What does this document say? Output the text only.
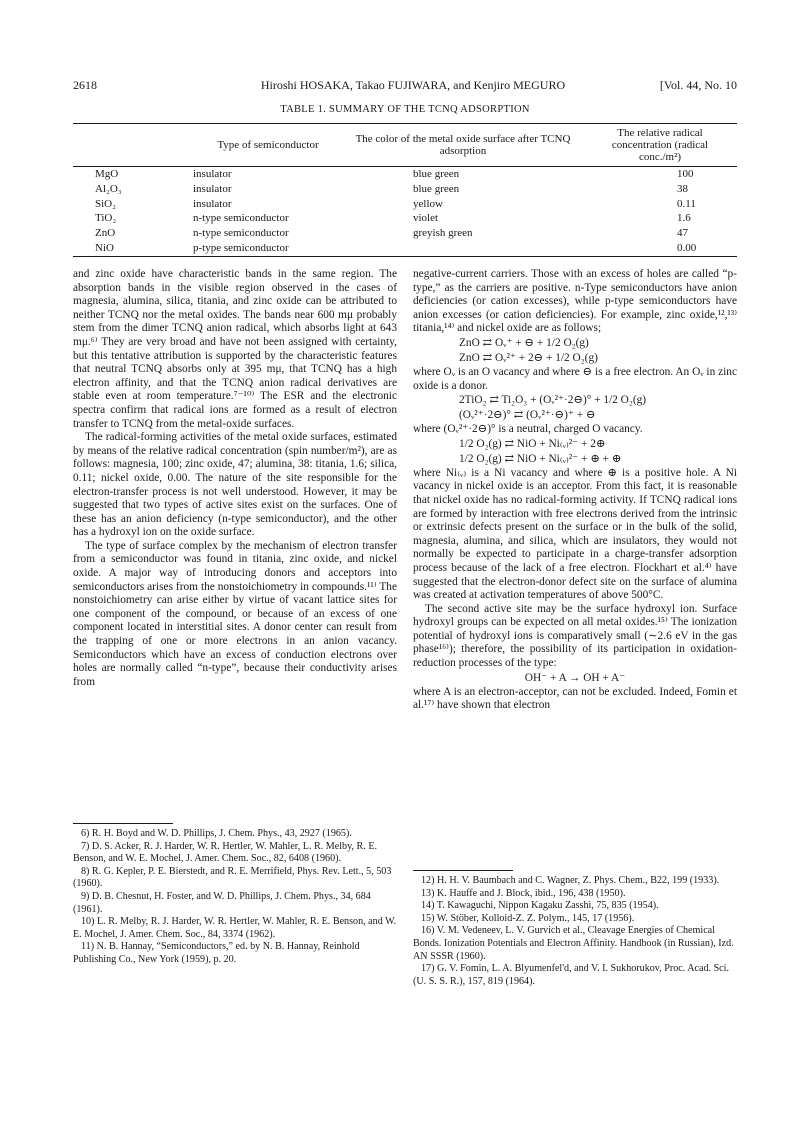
2618	Hiroshi HOSAKA, Takao FUJIWARA, and Kenjiro MEGURO	[Vol. 44, No. 10
TABLE 1. SUMMARY OF THE TCNQ ADSORPTION
	Type of semiconductor	The color of the metal oxide surface after TCNQ adsorption	The relative radical concentration (radical conc./m²)
MgO	insulator	blue green	100
Al₂O₃	insulator	blue green	38
SiO₂	insulator	yellow	0.11
TiO₂	n-type semiconductor	violet	1.6
ZnO	n-type semiconductor	greyish green	47
NiO	p-type semiconductor		0.00

and zinc oxide have characteristic bands in the same region. The absorption bands in the visible region observed in the cases of magnesia, alumina, silica, titania, and zinc oxide can be attributed to neither TCNQ nor the metal oxides. The bands near 600 mμ probably stem from the dimer TCNQ anion radical, which absorbs light at 643 mμ.⁶⁾ They are very broad and have not been assigned with certainty, but this tentative attribution is supported by the characteristic features that neutral TCNQ absorbs only at 395 mμ, that TCNQ has a high electron affinity, and that the TCNQ anion radical derivatives are stable even at room temperature.⁷⁻¹⁰⁾ The ESR and the electronic spectra confirm that radical ions are formed as a result of electron transfer to TCNQ from the metal-oxide surfaces.

The radical-forming activities of the metal oxide surfaces, estimated by means of the relative radical concentration (spin number/m²), are as follows: magnesia, 100; zinc oxide, 47; alumina, 38: titania, 1.6; silica, 0.11; nickel oxide, 0.00. The nature of the site responsible for the electron-transfer process is not well understood. However, it may be suggested that two types of active sites exist on the surfaces. One of these has an anion deficiency (n-type semiconductor), and the other has a hydroxyl ion on the oxide surface.

The type of surface complex by the mechanism of electron transfer from a semiconductor was found in titania, zinc oxide, and nickel oxide. A major way of introducing donors and acceptors into semiconductors arises from the nonstoichiometry in compounds.¹¹⁾ The nonstoichiometry can arise either by virtue of vacant lattice sites for one component of the compound, or because of an excess of one component located in interstitial sites. A donor center can result from the trapping of one or more electrons in an anion vacancy. Semiconductors which have an excess of conduction electrons over holes are normally called “n-type”, because their conductivity arises from

negative-current carriers. Those with an excess of holes are called “p-type,” as the carriers are positive. n-Type semiconductors have anion deficiencies (or cation excesses), while p-type semiconductors have anion excesses (or cation deficiencies). For example, zinc oxide,¹²,¹³⁾ titania,¹⁴⁾ and nickel oxide are as follows;

ZnO ⇄ Oᵥ⁺ + ⊖ + 1/2 O₂(g)
ZnO ⇄ Oᵥ²⁺ + 2⊖ + 1/2 O₂(g)

where Oᵥ is an O vacancy and where ⊖ is a free electron. An Oᵥ in zinc oxide is a donor.

2TiO₂ ⇄ Ti₂O₃ + (Oᵥ²⁺·2⊖)° + 1/2 O₂(g)
(Oᵥ²⁺·2⊖)° ⇄ (Oᵥ²⁺·⊖)⁺ + ⊖

where (Oᵥ²⁺·2⊖)° is a neutral, charged O vacancy.

1/2 O₂(g) ⇄ NiO + Ni₍ᵥ₎²⁻ + 2⊕
1/2 O₂(g) ⇄ NiO + Ni₍ᵥ₎²⁻ + ⊕ + ⊕

where Ni₍ᵥ₎ is a Ni vacancy and where ⊕ is a positive hole. A Ni vacancy in nickel oxide is an acceptor. From this fact, it is reasonable that nickel oxide has no radical-forming activity. If TCNQ radical ions are formed by interaction with free electrons derived from the intrinsic or extrinsic defects present on the surface or in the bulk of the solid, magnesia, alumina, and silica, which are insulators, they would not normally be expected to participate in a charge-transfer adsorption process because of the lack of a free electron. Flockhart et al.⁴⁾ have suggested that the electron-donor defect site on the surface of alumina was created at activation temperatures of above 500°C.

The second active site may be the surface hydroxyl ion. Surface hydroxyl groups can be expected on all metal oxides.¹⁵⁾ The ionization potential of hydroxyl ions is comparatively small (∼2.6 eV in the gas phase¹⁶⁾); therefore, the possibility of its participation in oxidation-reduction processes of the type:

OH⁻ + A → OH + A⁻

where A is an electron-acceptor, can not be excluded. Indeed, Fomin et al.¹⁷⁾ have shown that electron

6) R. H. Boyd and W. D. Phillips, J. Chem. Phys., 43, 2927 (1965).
7) D. S. Acker, R. J. Harder, W. R. Hertler, W. Mahler, L. R. Melby, R. E. Benson, and W. E. Mochel, J. Amer. Chem. Soc., 82, 6408 (1960).
8) R. G. Kepler, P. E. Bierstedt, and R. E. Merrifield, Phys. Rev. Lett., 5, 503 (1960).
9) D. B. Chesnut, H. Foster, and W. D. Phillips, J. Chem. Phys., 34, 684 (1961).
10) L. R. Melby, R. J. Harder, W. R. Hertler, W. Mahler, R. E. Benson, and W. E. Mochel, J. Amer. Chem. Soc., 84, 3374 (1962).
11) N. B. Hannay, “Semiconductors,” ed. by N. B. Hannay, Reinhold Publishing Co., New York (1959), p. 20.
12) H. H. V. Baumbach and C. Wagner, Z. Phys. Chem., B22, 199 (1933).
13) K. Hauffe and J. Block, ibid., 196, 438 (1950).
14) T. Kawaguchi, Nippon Kagaku Zasshi, 75, 835 (1954).
15) W. Stöber, Kolloid-Z. Z. Polym., 145, 17 (1956).
16) V. M. Vedeneev, L. V. Gurvich et al., Cleavage Energies of Chemical Bonds. Ionization Potentials and Electron Affinity. Handbook (in Russian), Izd. AN SSSR (1960).
17) G. V. Fomin, L. A. Blyumenfel'd, and V. I. Sukhorukov, Proc. Acad. Sci. (U. S. S. R.), 157, 819 (1964).
